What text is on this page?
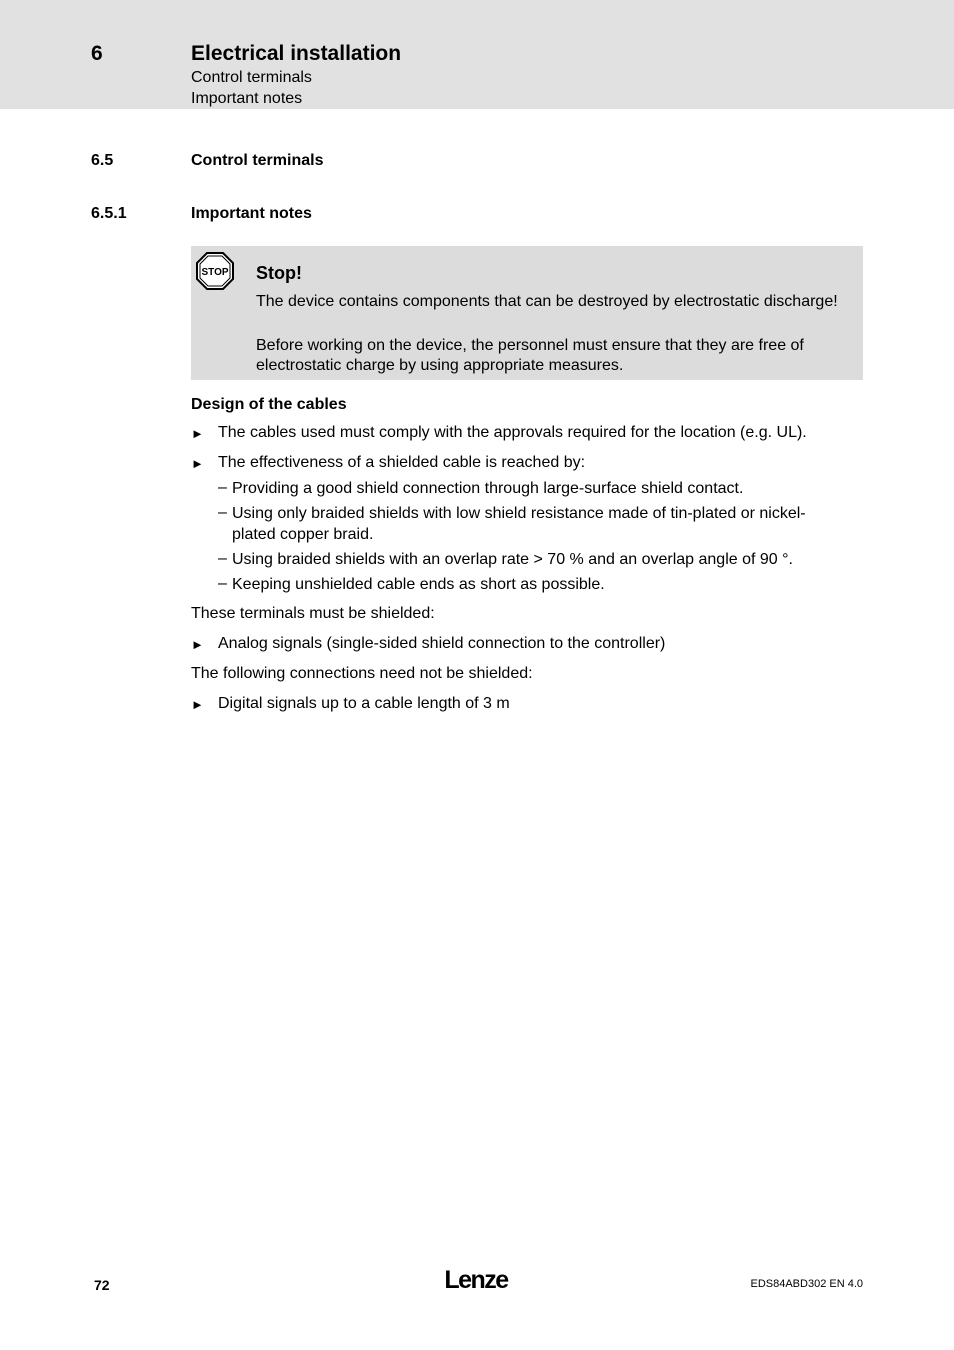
6	Electrical installation
Control terminals
Important notes
6.5	Control terminals
6.5.1	Important notes
STOP Stop!
The device contains components that can be destroyed by electrostatic discharge!
Before working on the device, the personnel must ensure that they are free of electrostatic charge by using appropriate measures.
Design of the cables
► The cables used must comply with the approvals required for the location (e.g. UL).
► The effectiveness of a shielded cable is reached by:
– Providing a good shield connection through large-surface shield contact.
– Using only braided shields with low shield resistance made of tin-plated or nickel-plated copper braid.
– Using braided shields with an overlap rate > 70 % and an overlap angle of 90 °.
– Keeping unshielded cable ends as short as possible.
These terminals must be shielded:
► Analog signals (single-sided shield connection to the controller)
The following connections need not be shielded:
► Digital signals up to a cable length of 3 m
72	Lenze	EDS84ABD302 EN 4.0
